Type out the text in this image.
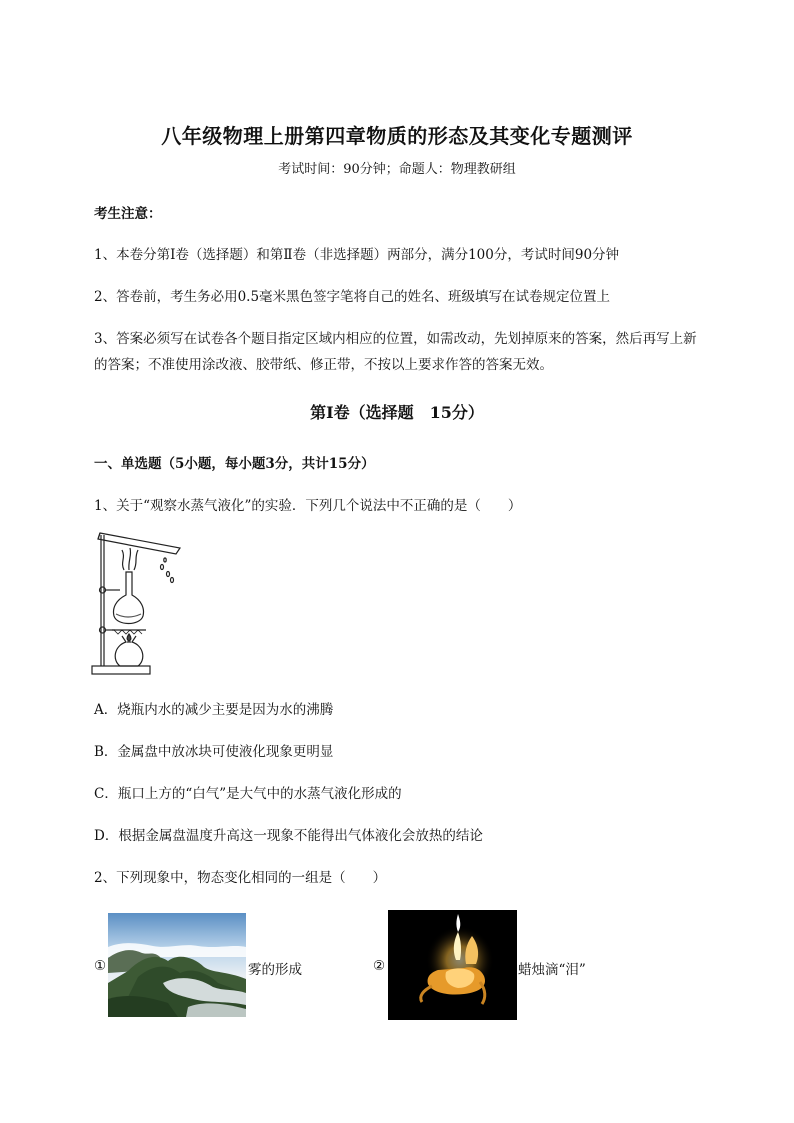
八年级物理上册第四章物质的形态及其变化专题测评
考试时间：90分钟；命题人：物理教研组
考生注意：
1、本卷分第I卷（选择题）和第Ⅱ卷（非选择题）两部分，满分100分，考试时间90分钟
2、答卷前，考生务必用0.5毫米黑色签字笔将自己的姓名、班级填写在试卷规定位置上
3、答案必须写在试卷各个题目指定区域内相应的位置，如需改动，先划掉原来的答案，然后再写上新
的答案；不准使用涂改液、胶带纸、修正带，不按以上要求作答的答案无效。
第I卷（选择题　15分）
一、单选题（5小题，每小题3分，共计15分）
1、关于“观察水蒸气液化”的实验．下列几个说法中不正确的是（　　）
A．烧瓶内水的减少主要是因为水的沸腾
B．金属盘中放冰块可使液化现象更明显
C．瓶口上方的“白气”是大气中的水蒸气液化形成的
D．根据金属盘温度升高这一现象不能得出气体液化会放热的结论
2、下列现象中，物态变化相同的一组是（　　）
①	雾的形成	②	蜡烛滴“泪”
